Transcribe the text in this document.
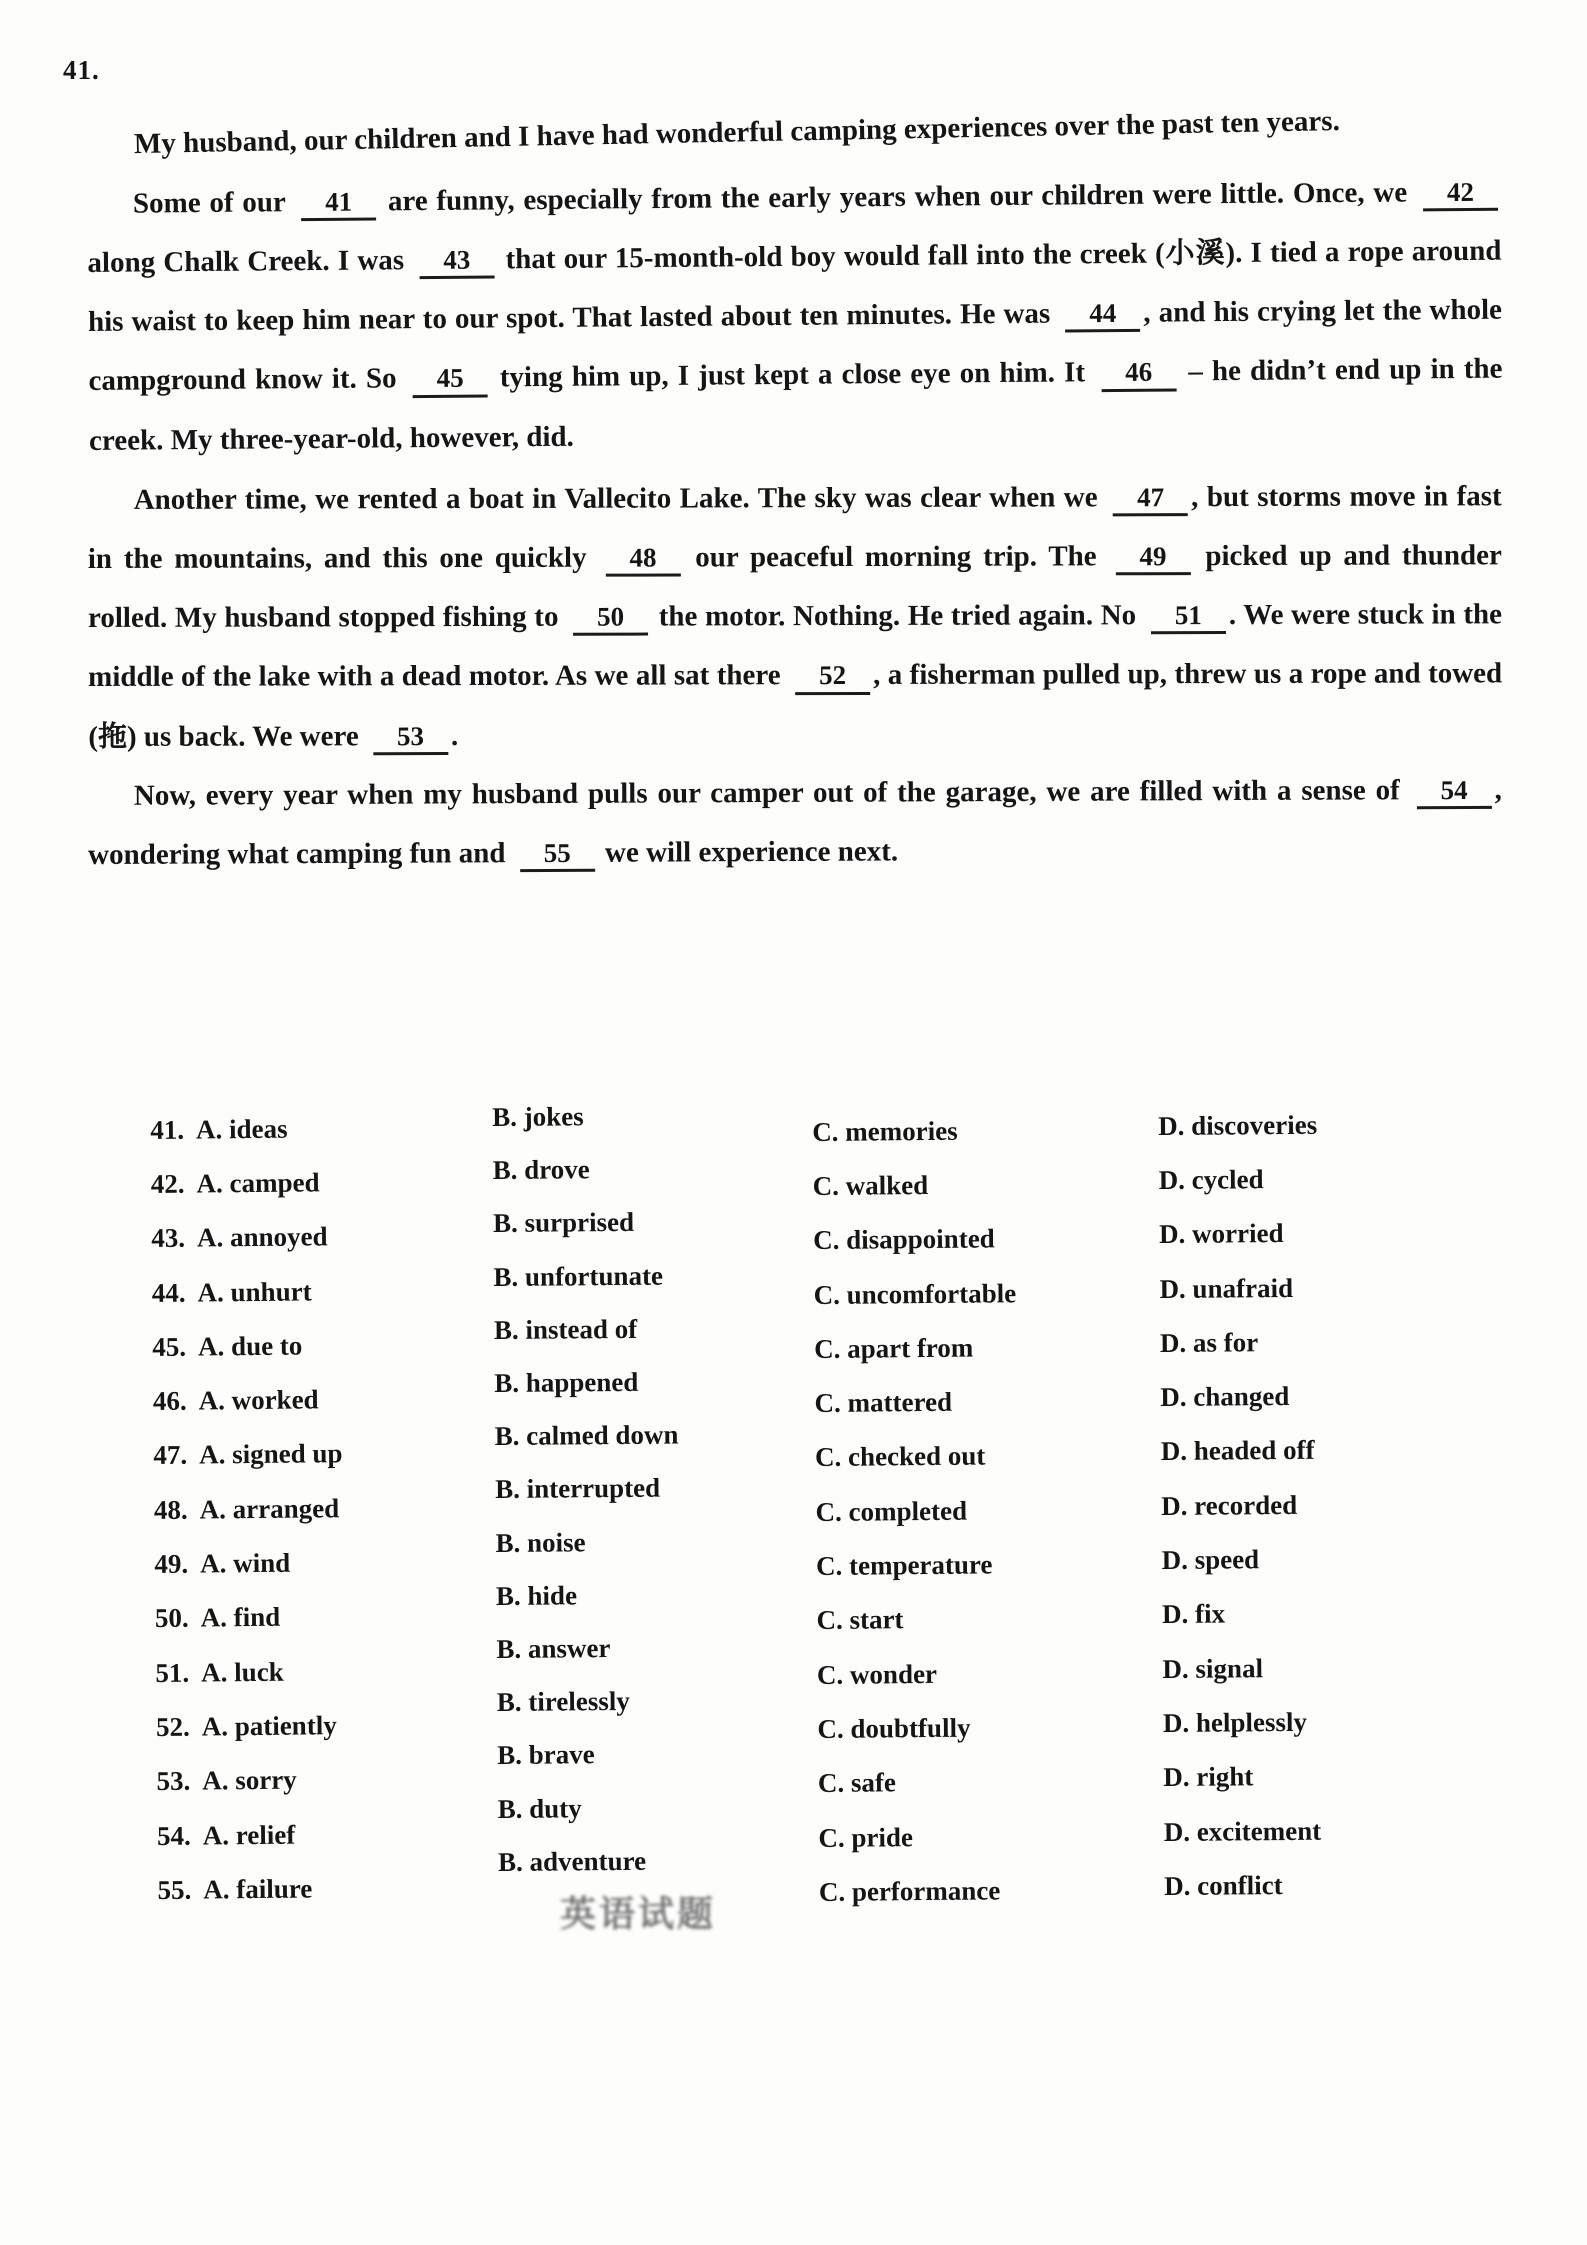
41.

My husband, our children and I have had wonderful camping experiences over the past ten years.

Some of our 41 are funny, especially from the early years when our children were little. Once, we 42 along Chalk Creek. I was 43 that our 15-month-old boy would fall into the creek (小溪). I tied a rope around his waist to keep him near to our spot. That lasted about ten minutes. He was 44 , and his crying let the whole campground know it. So 45 tying him up, I just kept a close eye on him. It 46 – he didn’t end up in the creek. My three-year-old, however, did.

Another time, we rented a boat in Vallecito Lake. The sky was clear when we 47 , but storms move in fast in the mountains, and this one quickly 48 our peaceful morning trip. The 49 picked up and thunder rolled. My husband stopped fishing to 50 the motor. Nothing. He tried again. No 51 . We were stuck in the middle of the lake with a dead motor. As we all sat there 52 , a fisherman pulled up, threw us a rope and towed (拖) us back. We were 53 .

Now, every year when my husband pulls our camper out of the garage, we are filled with a sense of 54 , wondering what camping fun and 55 we will experience next.

41. A. ideas
42. A. camped
43. A. annoyed
44. A. unhurt
45. A. due to
46. A. worked
47. A. signed up
48. A. arranged
49. A. wind
50. A. find
51. A. luck
52. A. patiently
53. A. sorry
54. A. relief
55. A. failure
B. jokes
B. drove
B. surprised
B. unfortunate
B. instead of
B. happened
B. calmed down
B. interrupted
B. noise
B. hide
B. answer
B. tirelessly
B. brave
B. duty
B. adventure
C. memories
C. walked
C. disappointed
C. uncomfortable
C. apart from
C. mattered
C. checked out
C. completed
C. temperature
C. start
C. wonder
C. doubtfully
C. safe
C. pride
C. performance
D. discoveries
D. cycled
D. worried
D. unafraid
D. as for
D. changed
D. headed off
D. recorded
D. speed
D. fix
D. signal
D. helplessly
D. right
D. excitement
D. conflict
英语试题
